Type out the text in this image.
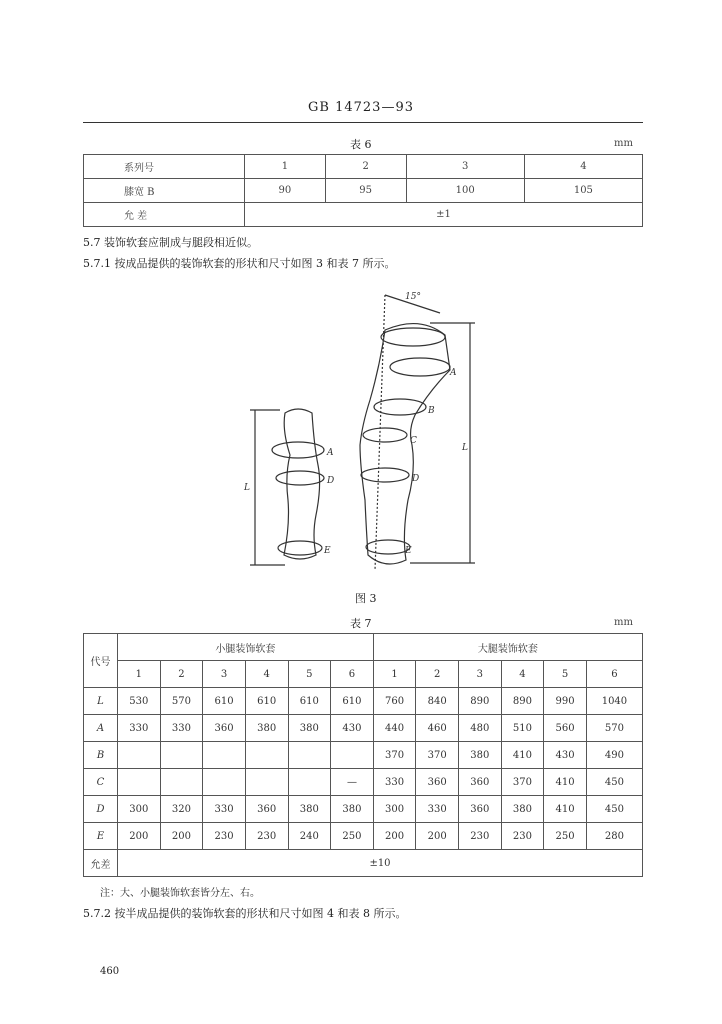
GB 14723—93
表 6	mm
系列号	1	2	3	4
膝宽 B	90	95	100	105
允 差	±1			
5.7 装饰软套应制成与腿段相近似。
5.7.1 按成品提供的装饰软套的形状和尺寸如图 3 和表 7 所示。
15°
A
D
E
L
A
B
C
D
E
L
图 3
表 7	mm
代号	小腿装饰软套						大腿装饰软套					
	1	2	3	4	5	6	1	2	3	4	5	6
L	530	570	610	610	610	610	760	840	890	890	990	1040
A	330	330	360	380	380	430	440	460	480	510	560	570
B							370	370	380	410	430	490
C						—	330	360	360	370	410	450
D	300	320	330	360	380	380	300	330	360	380	410	450
E	200	200	230	230	240	250	200	200	230	230	250	280
允差	±10											
注：大、小腿装饰软套皆分左、右。
5.7.2 按半成品提供的装饰软套的形状和尺寸如图 4 和表 8 所示。
460
